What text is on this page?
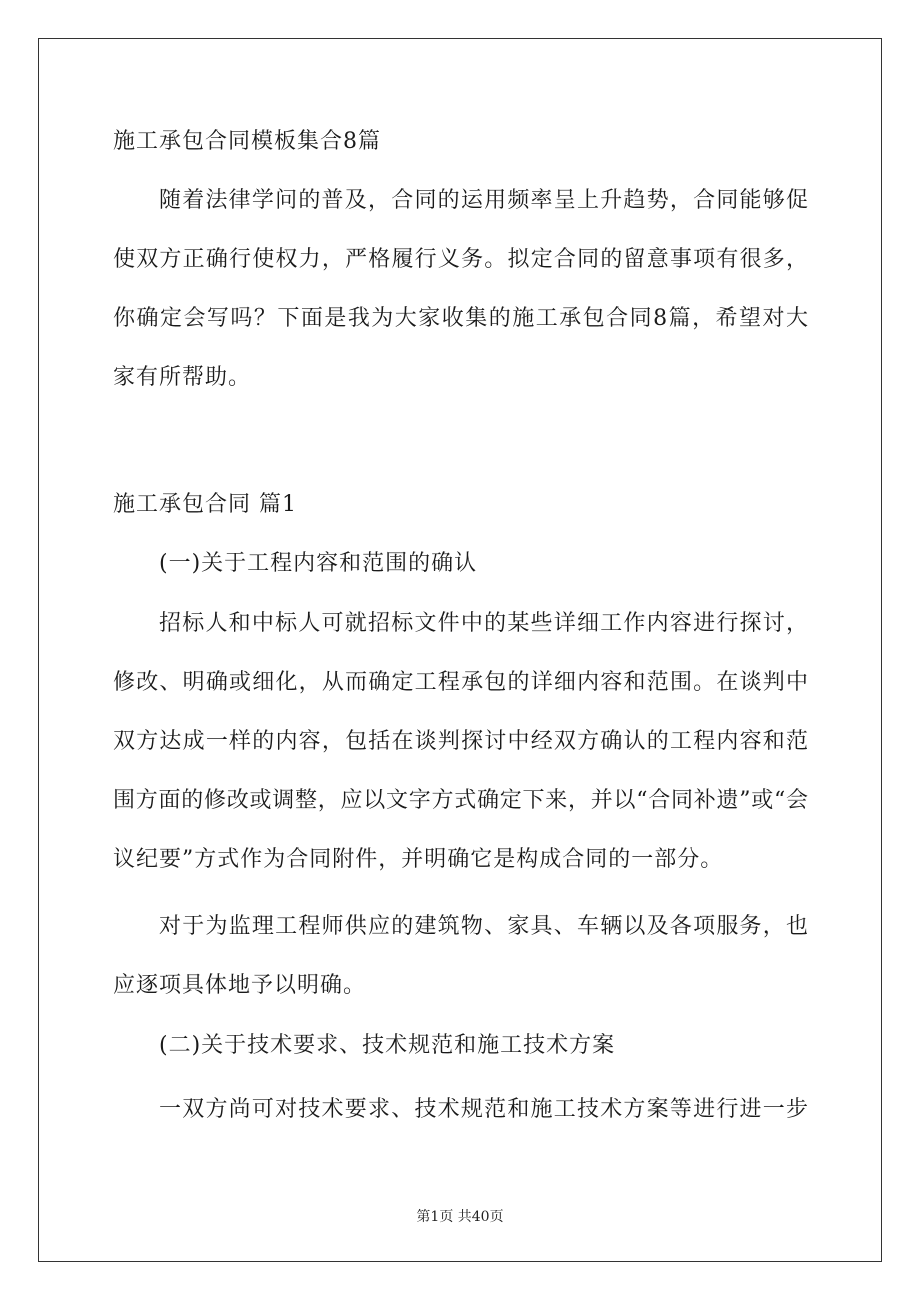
施工承包合同模板集合8篇
随着法律学问的普及，合同的运用频率呈上升趋势，合同能够促
使双方正确行使权力，严格履行义务。拟定合同的留意事项有很多，
你确定会写吗？下面是我为大家收集的施工承包合同8篇，希望对大
家有所帮助。
施工承包合同 篇1
(一)关于工程内容和范围的确认
招标人和中标人可就招标文件中的某些详细工作内容进行探讨，
修改、明确或细化，从而确定工程承包的详细内容和范围。在谈判中
双方达成一样的内容，包括在谈判探讨中经双方确认的工程内容和范
围方面的修改或调整，应以文字方式确定下来，并以“合同补遗”或“会
议纪要”方式作为合同附件，并明确它是构成合同的一部分。
对于为监理工程师供应的建筑物、家具、车辆以及各项服务，也
应逐项具体地予以明确。
(二)关于技术要求、技术规范和施工技术方案
一双方尚可对技术要求、技术规范和施工技术方案等进行进一步
第1页 共40页
